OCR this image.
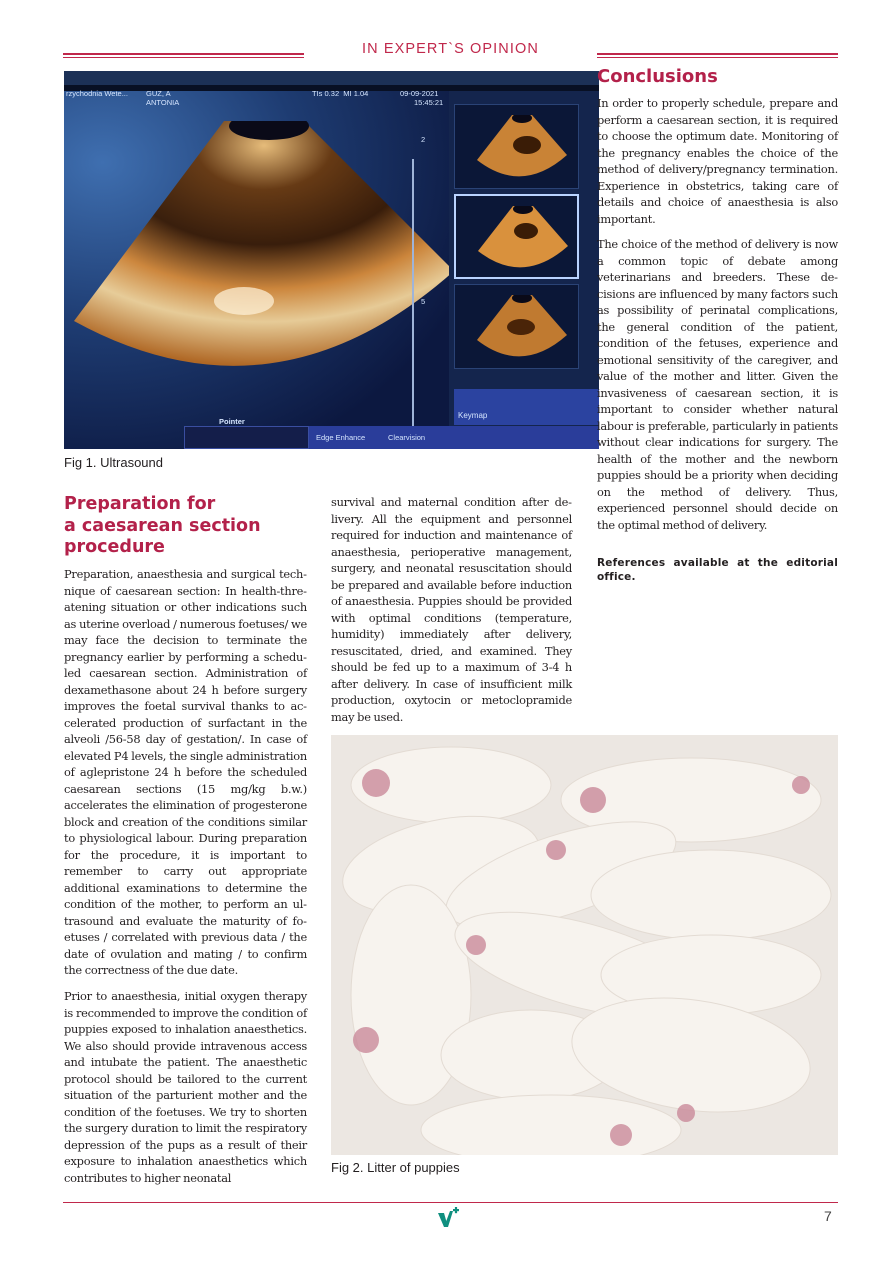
IN EXPERT`S OPINION
2
5
rzychodnia Wete... GUZ, A
ANTONIA
TIs 0.32 MI 1.04	09-09-2021
15:45:21
Keymap
Edge Enhance	Clearvision
Pointer
Fig 1. Ultrasound
Conclusions

In order to properly schedule, prepare and perform a caesarean section, it is required to choose the optimum date. Monitoring of the pregnancy enables the choice of the method of delivery/pregnancy termination. Experience in obstetrics, taking care of details and choice of anaesthesia is also important.

The choice of the method of delivery is now a common topic of debate among veterinarians and breeders. These decisions are influenced by many factors such as possibility of perinatal complications, the general condition of the patient, condition of the fetuses, experience and emotional sensitivity of the caregiver, and value of the mother and litter. Given the invasiveness of caesarean section, it is important to consider whether natural labour is preferable, particularly in patients without clear indications for surgery. The health of the mother and the newborn puppies should be a priority when deciding on the method of delivery. Thus, experienced personnel should decide on the optimal method of delivery.

References available at the editorial office.

Preparation for
a caesarean section
procedure

Preparation, anaesthesia and surgical technique of caesarean section: In health-threatening situation or other indications such as uterine overload / numerous foetuses/ we may face the decision to terminate the pregnancy earlier by performing a scheduled caesarean section. Administration of dexamethasone about 24 h before surgery improves the foetal survival thanks to accelerated production of surfactant in the alveoli /56-58 day of gestation/. In case of elevated P4 levels, the single administration of aglepristone 24 h before the scheduled caesarean sections (15 mg/kg b.w.) accelerates the elimination of progesterone block and creation of the conditions similar to physiological labour. During preparation for the procedure, it is important to remember to carry out appropriate additional examinations to determine the condition of the mother, to perform an ultrasound and evaluate the maturity of foetuses / correlated with previous data / the date of ovulation and mating / to confirm the correctness of the due date.

Prior to anaesthesia, initial oxygen therapy is recommended to improve the condition of puppies exposed to inhalation anaesthetics. We also should provide intravenous access and intubate the patient. The anaesthetic protocol should be tailored to the current situation of the parturient mother and the condition of the foetuses. We try to shorten the surgery duration to limit the respiratory depression of the pups as a result of their exposure to inhalation anaesthetics which contributes to higher neonatal

survival and maternal condition after delivery. All the equipment and personnel required for induction and maintenance of anaesthesia, perioperative management, surgery, and neonatal resuscitation should be prepared and available before induction of anaesthesia. Puppies should be provided with optimal conditions (temperature, humidity) immediately after delivery, resuscitated, dried, and examined. They should be fed up to a maximum of 3-4 h after delivery. In case of insufficient milk production, oxytocin or metoclopramide may be used.

Fig 2. Litter of puppies
7
